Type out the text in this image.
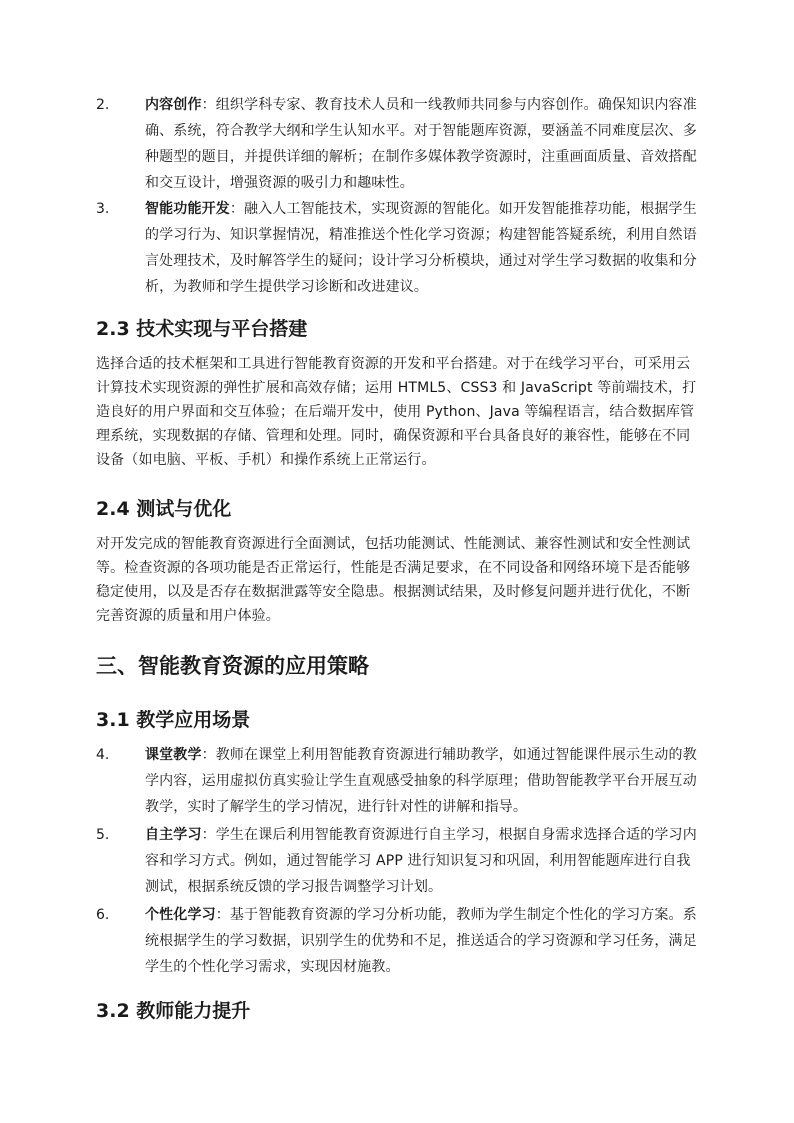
2.	内容创作：组织学科专家、教育技术人员和一线教师共同参与内容创作。确保知识内容准确、系统，符合教学大纲和学生认知水平。对于智能题库资源，要涵盖不同难度层次、多种题型的题目，并提供详细的解析；在制作多媒体教学资源时，注重画面质量、音效搭配和交互设计，增强资源的吸引力和趣味性。
3.	智能功能开发：融入人工智能技术，实现资源的智能化。如开发智能推荐功能，根据学生的学习行为、知识掌握情况，精准推送个性化学习资源；构建智能答疑系统，利用自然语言处理技术，及时解答学生的疑问；设计学习分析模块，通过对学生学习数据的收集和分析，为教师和学生提供学习诊断和改进建议。
2.3 技术实现与平台搭建

选择合适的技术框架和工具进行智能教育资源的开发和平台搭建。对于在线学习平台，可采用云计算技术实现资源的弹性扩展和高效存储；运用 HTML5、CSS3 和 JavaScript 等前端技术，打造良好的用户界面和交互体验；在后端开发中，使用 Python、Java 等编程语言，结合数据库管理系统，实现数据的存储、管理和处理。同时，确保资源和平台具备良好的兼容性，能够在不同设备（如电脑、平板、手机）和操作系统上正常运行。

2.4 测试与优化

对开发完成的智能教育资源进行全面测试，包括功能测试、性能测试、兼容性测试和安全性测试等。检查资源的各项功能是否正常运行，性能是否满足要求，在不同设备和网络环境下是否能够稳定使用，以及是否存在数据泄露等安全隐患。根据测试结果，及时修复问题并进行优化，不断完善资源的质量和用户体验。

三、智能教育资源的应用策略
3.1 教学应用场景
4.	课堂教学：教师在课堂上利用智能教育资源进行辅助教学，如通过智能课件展示生动的教学内容，运用虚拟仿真实验让学生直观感受抽象的科学原理；借助智能教学平台开展互动教学，实时了解学生的学习情况，进行针对性的讲解和指导。
5.	自主学习：学生在课后利用智能教育资源进行自主学习，根据自身需求选择合适的学习内容和学习方式。例如，通过智能学习 APP 进行知识复习和巩固，利用智能题库进行自我测试，根据系统反馈的学习报告调整学习计划。
6.	个性化学习：基于智能教育资源的学习分析功能，教师为学生制定个性化的学习方案。系统根据学生的学习数据，识别学生的优势和不足，推送适合的学习资源和学习任务，满足学生的个性化学习需求，实现因材施教。
3.2 教师能力提升
